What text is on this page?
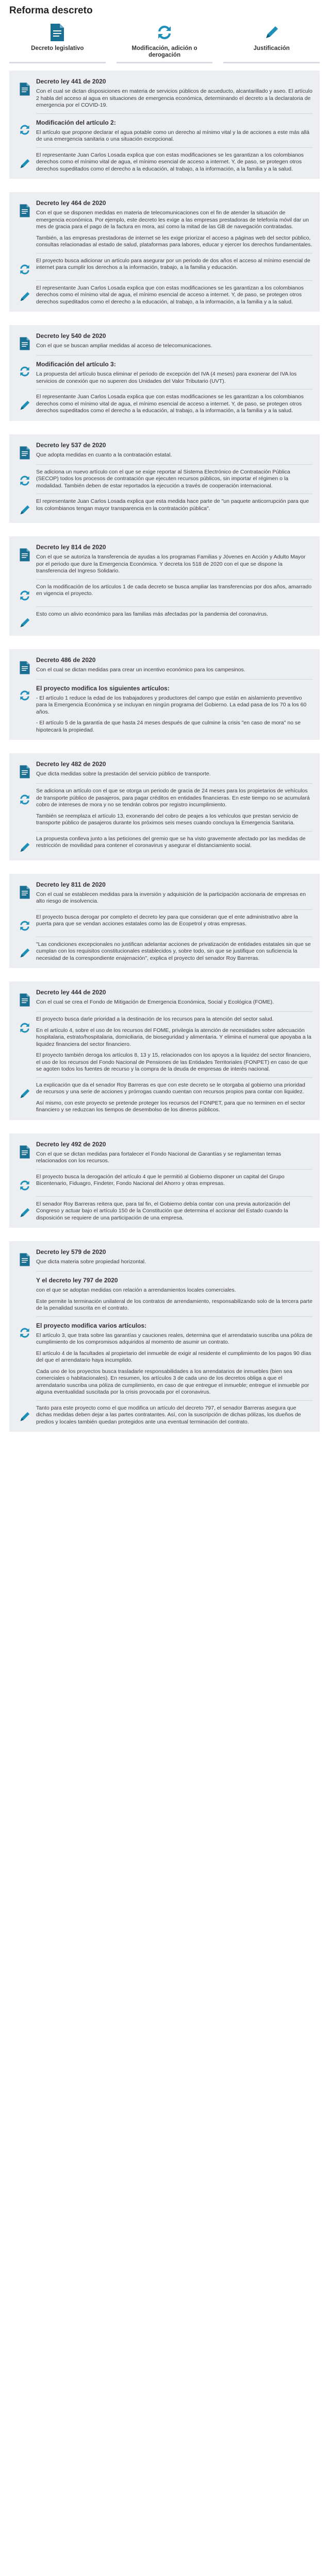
Reforma descreto
Decreto legislativo	Modificación, adición o derogación
Justificación
Decreto ley 441 de 2020

Con el cual se dictan disposiciones en materia de servicios públicos de acueducto, alcantarillado y aseo. El artículo 2 habla del acceso al agua en situaciones de emergencia económica, determinando el decreto a la declaratoria de emergencia por el COVID-19.

Modificación del artículo 2:

El artículo que propone declarar el agua potable como un derecho al mínimo vital y la de acciones a este más allá de una emergencia sanitaria o una situación excepcional.

El representante Juan Carlos Losada explica que con estas modificaciones se les garantizan a los colombianos derechos como el mínimo vital de agua, el mínimo esencial de acceso a internet. Y, de paso, se protegen otros derechos supeditados como el derecho a la educación, al trabajo, a la información, a la familia y a la salud.

Decreto ley 464 de 2020

Con el que se disponen medidas en materia de telecomunicaciones con el fin de atender la situación de emergencia económica. Por ejemplo, este decreto les exige a las empresas prestadoras de telefonía móvil dar un mes de gracia para el pago de la factura en mora, así como la mitad de las GB de navegación contratadas.

También, a las empresas prestadoras de internet se les exige priorizar el acceso a páginas web del sector público, consultas relacionadas al estado de salud, plataformas para labores, educar y ejercer los derechos fundamentales.

El proyecto busca adicionar un artículo para asegurar por un periodo de dos años el acceso al mínimo esencial de internet para cumplir los derechos a la información, trabajo, a la familia y educación.

El representante Juan Carlos Losada explica que con estas modificaciones se les garantizan a los colombianos derechos como el mínimo vital de agua, el mínimo esencial de acceso a internet. Y, de paso, se protegen otros derechos supeditados como el derecho a la educación, al trabajo, a la información, a la familia y a la salud.

Decreto ley 540 de 2020

Con el que se buscan ampliar medidas al acceso de telecomunicaciones.

Modificación del artículo 3:

La propuesta del artículo busca eliminar el periodo de excepción del IVA (4 meses) para exonerar del IVA los servicios de conexión que no superen dos Unidades del Valor Tributario (UVT).

El representante Juan Carlos Losada explica que con estas modificaciones se les garantizan a los colombianos derechos como el mínimo vital de agua, el mínimo esencial de acceso a internet. Y, de paso, se protegen otros derechos supeditados como el derecho a la educación, al trabajo, a la información, a la familia y a la salud.

Decreto ley 537 de 2020

Que adopta medidas en cuanto a la contratación estatal.

Se adiciona un nuevo artículo con el que se exige reportar al Sistema Electrónico de Contratación Pública (SECOP) todos los procesos de contratación que ejecuten recursos públicos, sin importar el régimen o la modalidad. También deben de estar reportados la ejecución a través de cooperación internacional.

El representante Juan Carlos Losada explica que esta medida hace parte de "un paquete anticorrupción para que los colombianos tengan mayor transparencia en la contratación pública".

Decreto ley 814 de 2020

Con el que se autoriza la transferencia de ayudas a los programas Familias y Jóvenes en Acción y Adulto Mayor por el periodo que dure la Emergencia Económica. Y decreta los 518 de 2020 con el que se dispone la transferencia del Ingreso Solidario.

Con la modificación de los artículos 1 de cada decreto se busca ampliar las transferencias por dos años, amarrado en vigencia el proyecto.

Esto como un alivio económico para las familias más afectadas por la pandemia del coronavirus.

Decreto 486 de 2020

Con el cual se dictan medidas para crear un incentivo económico para los campesinos.

El proyecto modifica los siguientes artículos:

- El artículo 1 reduce la edad de los trabajadores y productores del campo que están en aislamiento preventivo para la Emergencia Económica y se incluyan en ningún programa del Gobierno. La edad pasa de los 70 a los 60 años.

- El artículo 5 de la garantía de que hasta 24 meses después de que culmine la crisis "en caso de mora" no se hipotecará la propiedad.

Decreto ley 482 de 2020

Que dicta medidas sobre la prestación del servicio público de transporte.

Se adiciona un artículo con el que se otorga un periodo de gracia de 24 meses para los propietarios de vehículos de transporte público de pasajeros, para pagar créditos en entidades financieras. En este tiempo no se acumulará cobro de intereses de mora y no se tendrán cobros por registro incumplimiento.

También se reemplaza el artículo 13, exonerando del cobro de peajes a los vehículos que prestan servicio de transporte público de pasajeros durante los próximos seis meses cuando concluya la Emergencia Sanitaria.

La propuesta conlleva junto a las peticiones del gremio que se ha visto gravemente afectado por las medidas de restricción de movilidad para contener el coronavirus y asegurar el distanciamiento social.

Decreto ley 811 de 2020

Con el cual se establecen medidas para la inversión y adquisición de la participación accionaria de empresas en alto riesgo de insolvencia.

El proyecto busca derogar por completo el decreto ley para que consideran que el ente administrativo abre la puerta para que se vendan acciones estatales como las de Ecopetrol y otras empresas.

"Las condiciones excepcionales no justifican adelantar acciones de privatización de entidades estatales sin que se cumplan con los requisitos constitucionales establecidos y, sobre todo, sin que se justifique con suficiencia la necesidad de la correspondiente enajenación", explica el proyecto del senador Roy Barreras.

Decreto ley 444 de 2020

Con el cual se crea el Fondo de Mitigación de Emergencia Económica, Social y Ecológica (FOME).

El proyecto busca darle prioridad a la destinación de los recursos para la atención del sector salud.

En el artículo 4, sobre el uso de los recursos del FOME, privilegia la atención de necesidades sobre adecuación hospitalaria, estrato/hospitalaria, domiciliaria, de bioseguridad y alimentaria. Y elimina el numeral que apoyaba a la liquidez financiera del sector financiero.

El proyecto también deroga los artículos 8, 13 y 15, relacionados con los apoyos a la liquidez del sector financiero, el uso de los recursos del Fondo Nacional de Pensiones de las Entidades Territoriales (FONPET) en caso de que se agoten todos los fuentes de recurso y la compra de la deuda de empresas de interés nacional.

La explicación que da el senador Roy Barreras es que con este decreto se le otorgaba al gobierno una prioridad de recursos y una serie de acciones y prórrogas cuando cuentan con recursos propios para contar con liquidez.

Así mismo, con este proyecto se pretende proteger los recursos del FONPET, para que no terminen en el sector financiero y se reduzcan los tiempos de desembolso de los dineros públicos.

Decreto ley 492 de 2020

Con el que se dictan medidas para fortalecer el Fondo Nacional de Garantías y se reglamentan temas relacionados con los recursos.

El proyecto busca la derogación del artículo 4 que le permitió al Gobierno disponer un capital del Grupo Bicentenario, Fiduagro, Findeter, Fondo Nacional del Ahorro y otras empresas.

El senador Roy Barreras reitera que, para tal fin, el Gobierno debía contar con una previa autorización del Congreso y actuar bajo el artículo 150 de la Constitución que determina el accionar del Estado cuando la disposición se requiere de una participación de una empresa.

Decreto ley 579 de 2020

Que dicta materia sobre propiedad horizontal.

Y el decreto ley 797 de 2020

con el que se adoptan medidas con relación a arrendamientos locales comerciales.

Este permite la terminación unilateral de los contratos de arrendamiento, responsabilizando solo de la tercera parte de la penalidad suscrita en el contrato.

El proyecto modifica varios artículos:

El artículo 3, que trata sobre las garantías y cauciones reales, determina que el arrendatario suscriba una póliza de cumplimiento de los compromisos adquiridos al momento de asumir un contrato.

El artículo 4 de la facultades al propietario del inmueble de exigir al residente el cumplimiento de los pagos 90 días del que el arrendatario haya incumplido.

Cada uno de los proyectos busca trasladarle responsabilidades a los arrendatarios de inmuebles (bien sea comerciales o habitacionales). En resumen, los artículos 3 de cada uno de los decretos obliga a que el arrendatario suscriba una póliza de cumplimiento, en caso de que entregue el inmueble; entregue el inmueble por alguna eventualidad suscitada por la crisis provocada por el coronavirus.

Tanto para este proyecto como el que modifica un artículo del decreto 797, el senador Barreras asegura que dichas medidas deben dejar a las partes contratantes. Así, con la suscripción de dichas pólizas, los dueños de predios y locales también quedan protegidos ante una eventual terminación del contrato.
